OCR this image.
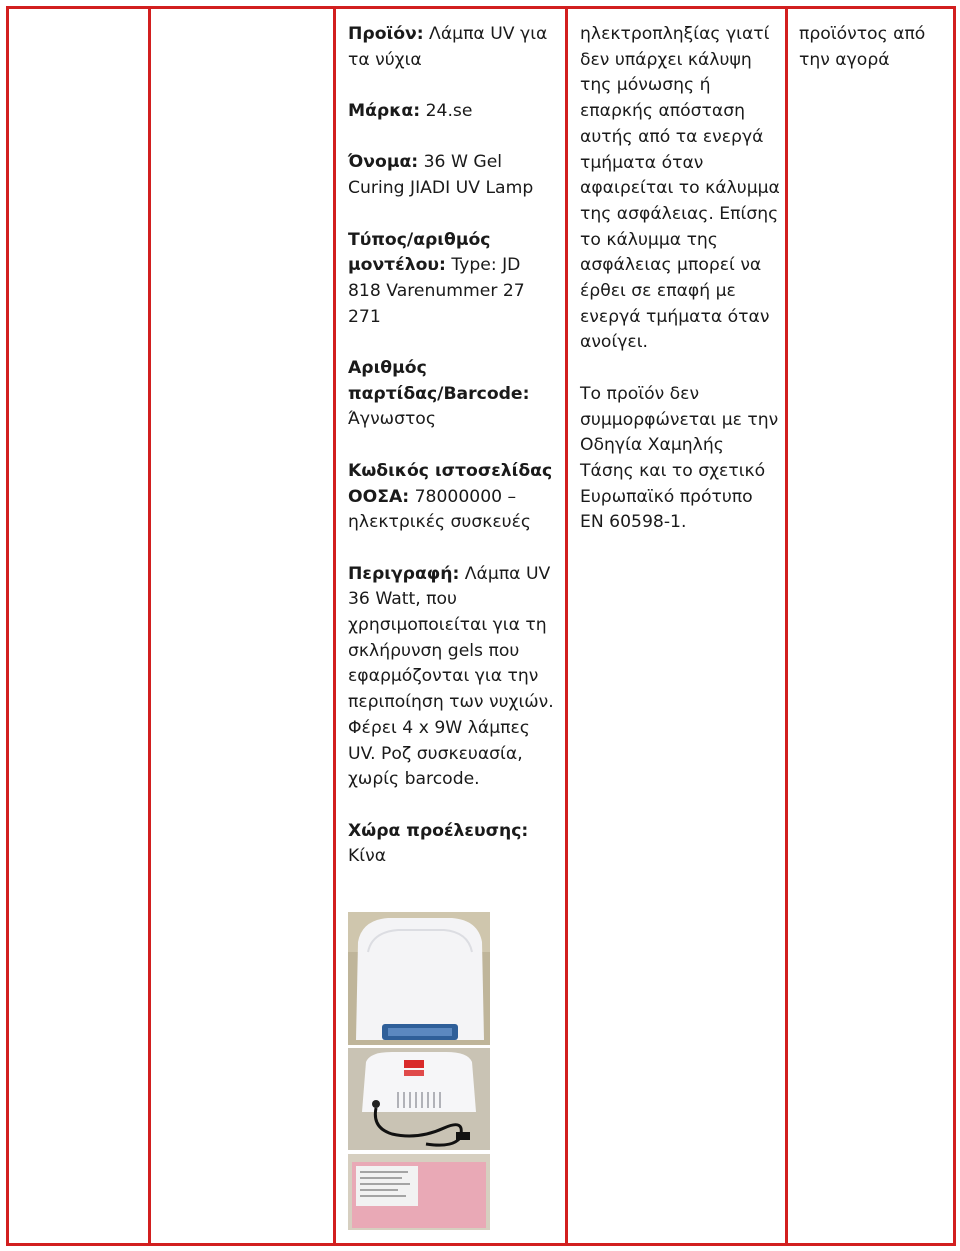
Προϊόν: Λάμπα UV για τα νύχια

Μάρκα: 24.se

Όνομα: 36 W Gel Curing JIADI UV Lamp

Τύπος/αριθμός μοντέλου: Type: JD 818 Varenummer 27 271

Αριθμός παρτίδας/Barcode: Άγνωστος

Κωδικός ιστοσελίδας ΟΟΣΑ: 78000000 – ηλεκτρικές συσκευές

Περιγραφή: Λάμπα UV 36 Watt, που χρησιμοποιείται για τη σκλήρυνση gels που εφαρμόζονται για την περιποίηση των νυχιών. Φέρει 4 x 9W λάμπες UV. Ροζ συσκευασία, χωρίς barcode.

Χώρα προέλευσης: Κίνα

ηλεκτροπληξίας γιατί δεν υπάρχει κάλυψη της μόνωσης ή επαρκής απόσταση αυτής από τα ενεργά τμήματα όταν αφαιρείται το κάλυμμα της ασφάλειας. Επίσης το κάλυμμα της ασφάλειας μπορεί να έρθει σε επαφή με ενεργά τμήματα όταν ανοίγει.

Το προϊόν δεν συμμορφώνεται με την Οδηγία Χαμηλής Τάσης και το σχετικό Ευρωπαϊκό πρότυπο EN 60598-1.

προϊόντος από την αγορά
